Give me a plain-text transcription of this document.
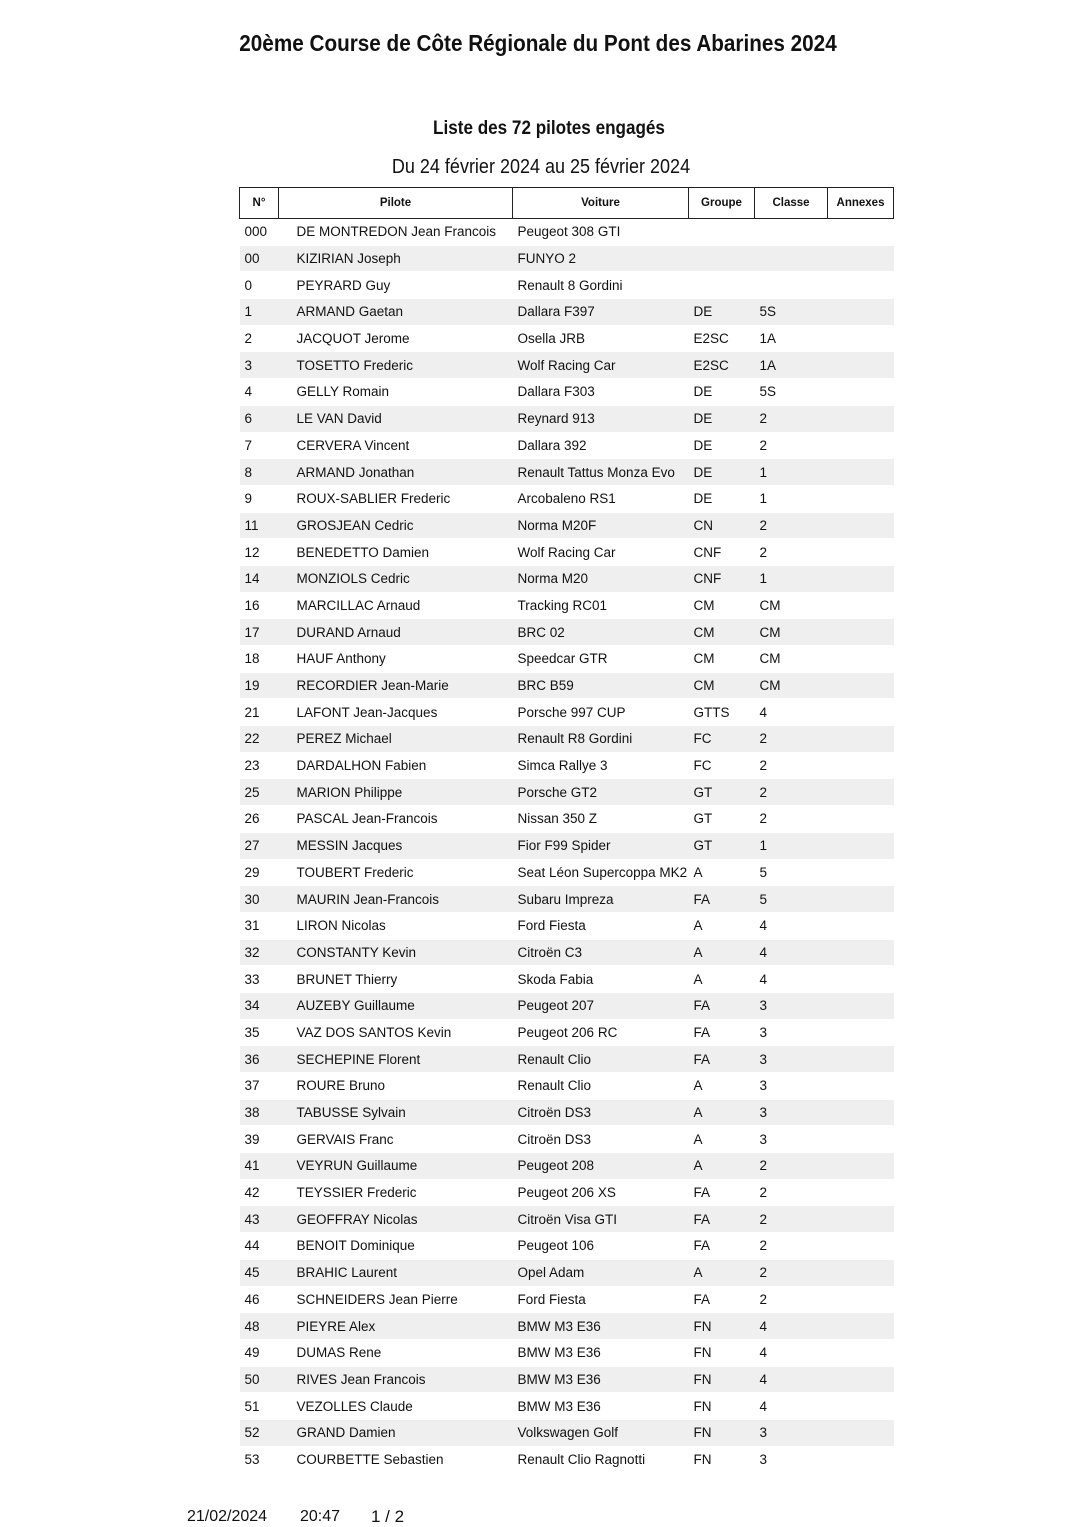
20ème Course de Côte Régionale du Pont des Abarines 2024
Liste des 72 pilotes engagés
Du 24 février 2024 au 25 février 2024
N°	Pilote	Voiture	Groupe	Classe	Annexes
000	DE MONTREDON Jean Francois	Peugeot 308 GTI			
00	KIZIRIAN Joseph	FUNYO 2			
0	PEYRARD Guy	Renault 8 Gordini			
1	ARMAND Gaetan	Dallara F397	DE	5S	
2	JACQUOT Jerome	Osella JRB	E2SC	1A	
3	TOSETTO Frederic	Wolf Racing Car	E2SC	1A	
4	GELLY Romain	Dallara F303	DE	5S	
6	LE VAN David	Reynard 913	DE	2	
7	CERVERA Vincent	Dallara 392	DE	2	
8	ARMAND Jonathan	Renault Tattus Monza Evo	DE	1	
9	ROUX-SABLIER Frederic	Arcobaleno RS1	DE	1	
11	GROSJEAN Cedric	Norma M20F	CN	2	
12	BENEDETTO Damien	Wolf Racing Car	CNF	2	
14	MONZIOLS Cedric	Norma M20	CNF	1	
16	MARCILLAC Arnaud	Tracking RC01	CM	CM	
17	DURAND Arnaud	BRC 02	CM	CM	
18	HAUF Anthony	Speedcar GTR	CM	CM	
19	RECORDIER Jean-Marie	BRC B59	CM	CM	
21	LAFONT Jean-Jacques	Porsche 997 CUP	GTTS	4	
22	PEREZ Michael	Renault R8 Gordini	FC	2	
23	DARDALHON Fabien	Simca Rallye 3	FC	2	
25	MARION Philippe	Porsche GT2	GT	2	
26	PASCAL Jean-Francois	Nissan 350 Z	GT	2	
27	MESSIN Jacques	Fior F99 Spider	GT	1	
29	TOUBERT Frederic	Seat Léon Supercoppa MK2	A	5	
30	MAURIN Jean-Francois	Subaru Impreza	FA	5	
31	LIRON Nicolas	Ford Fiesta	A	4	
32	CONSTANTY Kevin	Citroën C3	A	4	
33	BRUNET Thierry	Skoda Fabia	A	4	
34	AUZEBY Guillaume	Peugeot 207	FA	3	
35	VAZ DOS SANTOS Kevin	Peugeot 206 RC	FA	3	
36	SECHEPINE Florent	Renault Clio	FA	3	
37	ROURE Bruno	Renault Clio	A	3	
38	TABUSSE Sylvain	Citroën DS3	A	3	
39	GERVAIS Franc	Citroën DS3	A	3	
41	VEYRUN Guillaume	Peugeot 208	A	2	
42	TEYSSIER Frederic	Peugeot 206 XS	FA	2	
43	GEOFFRAY Nicolas	Citroën Visa GTI	FA	2	
44	BENOIT Dominique	Peugeot 106	FA	2	
45	BRAHIC Laurent	Opel Adam	A	2	
46	SCHNEIDERS Jean Pierre	Ford Fiesta	FA	2	
48	PIEYRE Alex	BMW M3 E36	FN	4	
49	DUMAS Rene	BMW M3 E36	FN	4	
50	RIVES Jean Francois	BMW M3 E36	FN	4	
51	VEZOLLES Claude	BMW M3 E36	FN	4	
52	GRAND Damien	Volkswagen Golf	FN	3	
53	COURBETTE Sebastien	Renault Clio Ragnotti	FN	3	
21/02/2024 20:47 1 / 2
